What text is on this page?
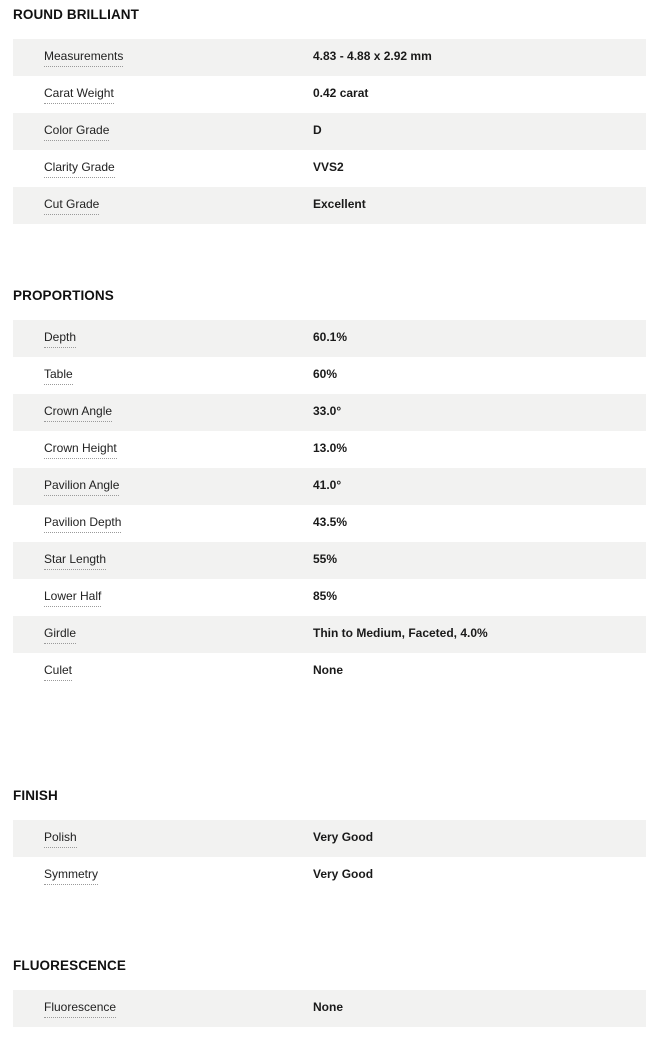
ROUND BRILLIANT
Measurements	4.83 - 4.88 x 2.92 mm
Carat Weight	0.42 carat
Color Grade	D
Clarity Grade	VVS2
Cut Grade	Excellent
PROPORTIONS
Depth	60.1%
Table	60%
Crown Angle	33.0°
Crown Height	13.0%
Pavilion Angle	41.0°
Pavilion Depth	43.5%
Star Length	55%
Lower Half	85%
Girdle	Thin to Medium, Faceted, 4.0%
Culet	None
FINISH
Polish	Very Good
Symmetry	Very Good
FLUORESCENCE
Fluorescence	None
